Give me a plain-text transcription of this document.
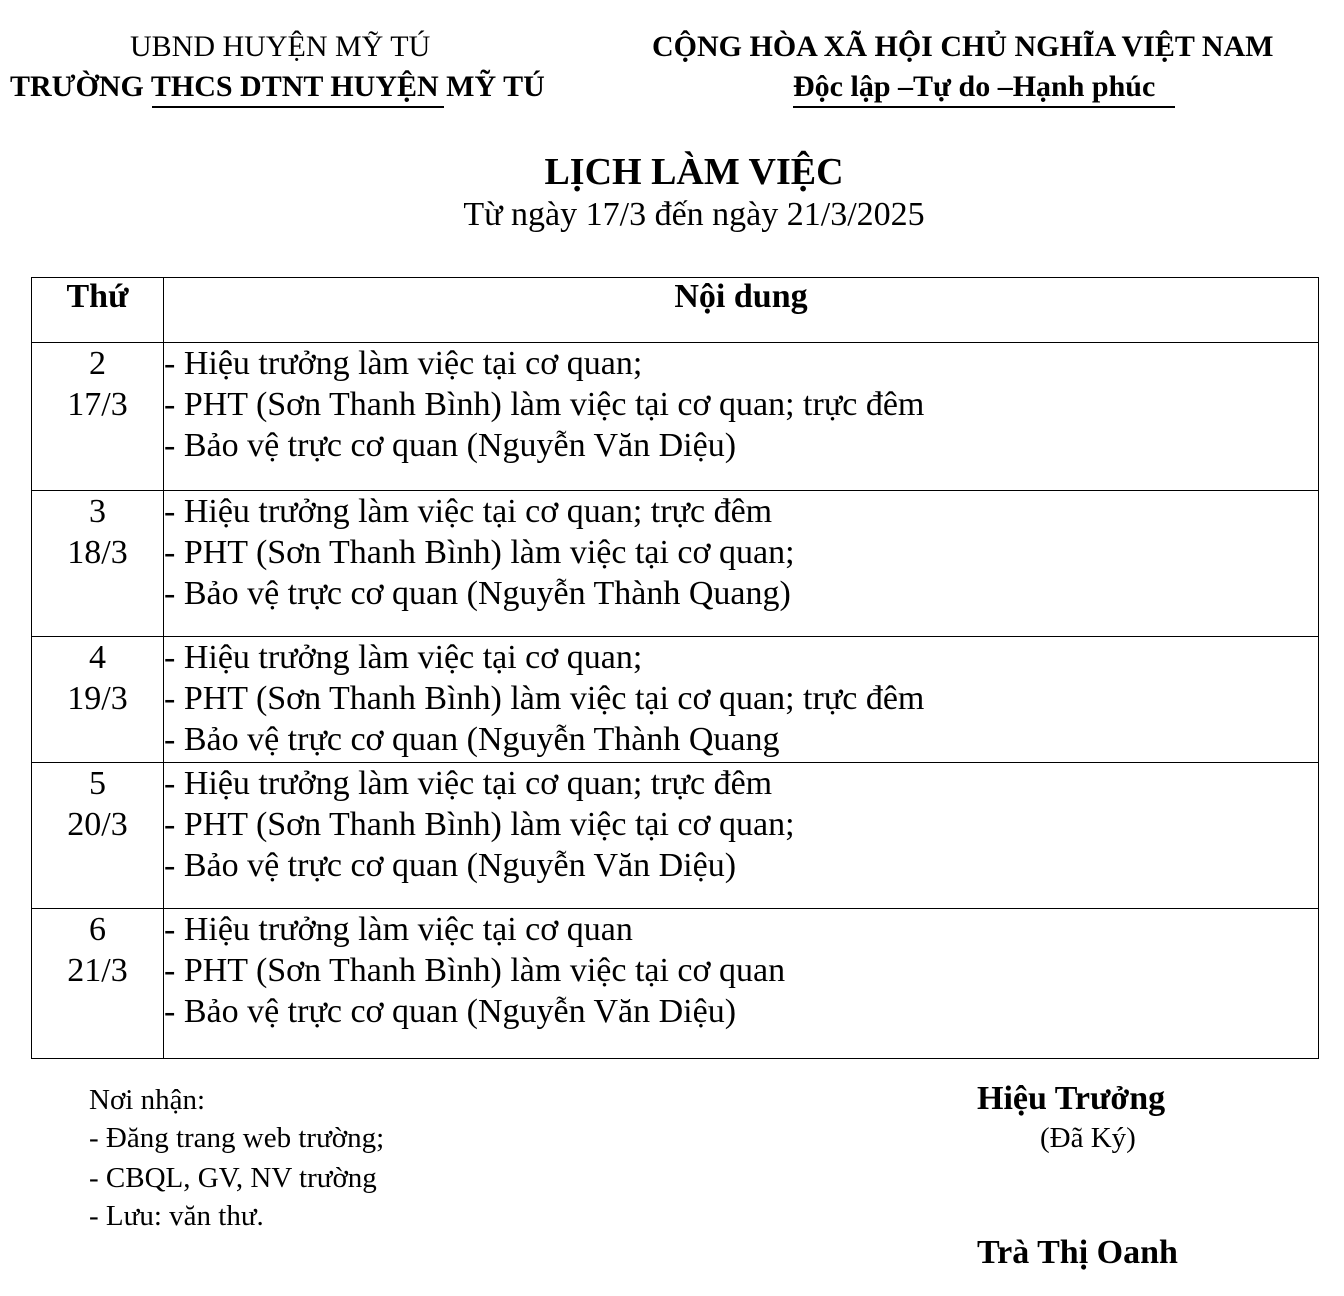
UBND HUYỆN MỸ TÚ
TRƯỜNG THCS DTNT HUYỆN MỸ TÚ
CỘNG HÒA XÃ HỘI CHỦ NGHĨA VIỆT NAM
Độc lập –Tự do –Hạnh phúc
LỊCH LÀM VIỆC
Từ ngày 17/3 đến ngày 21/3/2025
Thứ	Nội dung

2
17/3	- Hiệu trưởng làm việc tại cơ quan;
- PHT (Sơn Thanh Bình) làm việc tại cơ quan; trực đêm
- Bảo vệ trực cơ quan (Nguyễn Văn Diệu)

3
18/3	- Hiệu trưởng làm việc tại cơ quan; trực đêm
- PHT (Sơn Thanh Bình) làm việc tại cơ quan;
- Bảo vệ trực cơ quan (Nguyễn Thành Quang)

4
19/3	- Hiệu trưởng làm việc tại cơ quan;
- PHT (Sơn Thanh Bình) làm việc tại cơ quan; trực đêm
- Bảo vệ trực cơ quan (Nguyễn Thành Quang

5
20/3	- Hiệu trưởng làm việc tại cơ quan; trực đêm
- PHT (Sơn Thanh Bình) làm việc tại cơ quan;
- Bảo vệ trực cơ quan (Nguyễn Văn Diệu)

6
21/3	- Hiệu trưởng làm việc tại cơ quan
- PHT (Sơn Thanh Bình) làm việc tại cơ quan
- Bảo vệ trực cơ quan (Nguyễn Văn Diệu)
Nơi nhận:
- Đăng trang web trường;
- CBQL, GV, NV trường
- Lưu: văn thư.
Hiệu Trưởng
(Đã Ký)
Trà Thị Oanh
